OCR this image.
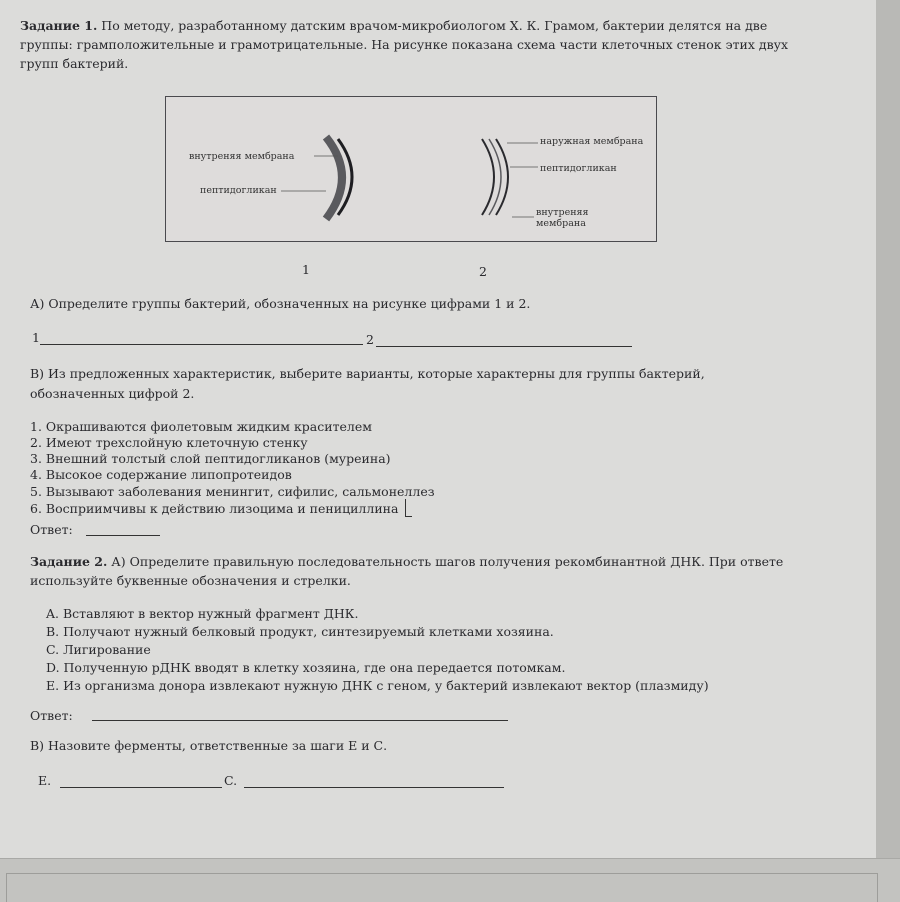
Задание 1. По методу, разработанному датским врачом-микробиологом Х. К. Грамом, бактерии делятся на две
группы: грамположительные и грамотрицательные. На рисунке показана схема части клеточных стенок этих двух
групп бактерий.
внутреняя мембрана
пептидогликан
наружная мембрана
пептидогликан
внутреняя
мембрана
1	2
А) Определите группы бактерий, обозначенных на рисунке цифрами 1 и 2.
1	2
В) Из предложенных характеристик, выберите варианты, которые характерны для группы бактерий,
обозначенных цифрой 2.
1. Окрашиваются фиолетовым жидким красителем
2. Имеют трехслойную клеточную стенку
3. Внешний толстый слой пептидогликанов (муреина)
4. Высокое содержание липопротеидов
5. Вызывают заболевания менингит, сифилис, сальмонеллез
6. Восприимчивы к действию лизоцима и пенициллина
Ответ:
Задание 2. А) Определите правильную последовательность шагов получения рекомбинантной ДНК. При ответе
используйте буквенные обозначения и стрелки.
A. Вставляют в вектор нужный фрагмент ДНК.
B. Получают нужный белковый продукт, синтезируемый клетками хозяина.
C. Лигирование
D. Полученную рДНК вводят в клетку хозяина, где она передается потомкам.
E. Из организма донора извлекают нужную ДНК с геном, у бактерий извлекают вектор (плазмиду)
Ответ:
В) Назовите ферменты, ответственные за шаги Е и С.
E.	C.
